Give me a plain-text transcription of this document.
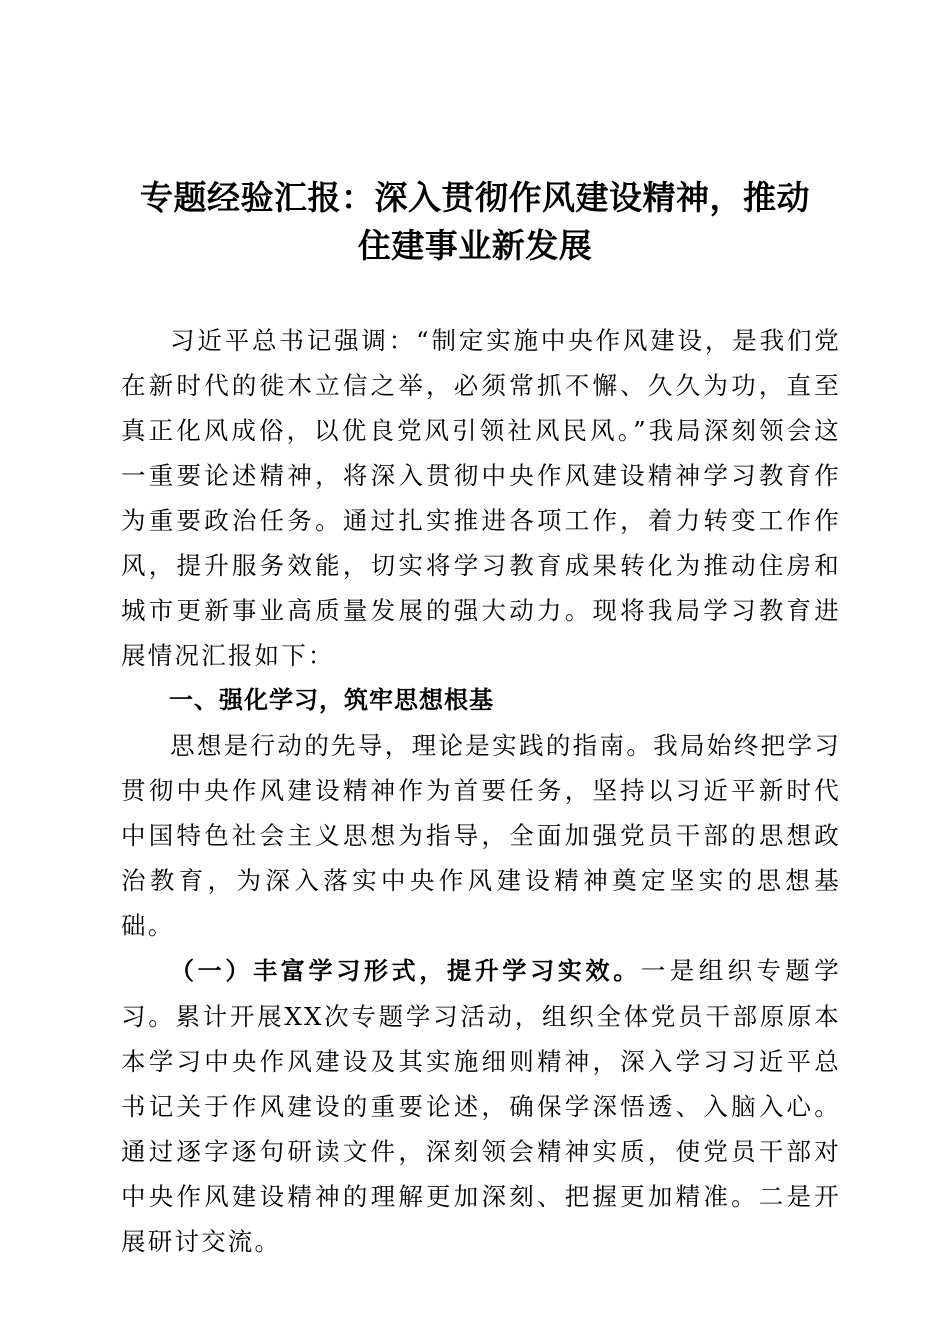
专题经验汇报：深入贯彻作风建设精神，推动
住建事业新发展

习近平总书记强调：“制定实施中央作风建设，是我们党在新时代的徙木立信之举，必须常抓不懈、久久为功，直至真正化风成俗，以优良党风引领社风民风。”我局深刻领会这一重要论述精神，将深入贯彻中央作风建设精神学习教育作为重要政治任务。通过扎实推进各项工作，着力转变工作作风，提升服务效能，切实将学习教育成果转化为推动住房和城市更新事业高质量发展的强大动力。现将我局学习教育进展情况汇报如下：

一、强化学习，筑牢思想根基

思想是行动的先导，理论是实践的指南。我局始终把学习贯彻中央作风建设精神作为首要任务，坚持以习近平新时代中国特色社会主义思想为指导，全面加强党员干部的思想政治教育，为深入落实中央作风建设精神奠定坚实的思想基础。

（一）丰富学习形式，提升学习实效。一是组织专题学习。累计开展XX次专题学习活动，组织全体党员干部原原本本学习中央作风建设及其实施细则精神，深入学习习近平总书记关于作风建设的重要论述，确保学深悟透、入脑入心。通过逐字逐句研读文件，深刻领会精神实质，使党员干部对中央作风建设精神的理解更加深刻、把握更加精准。二是开展研讨交流。
